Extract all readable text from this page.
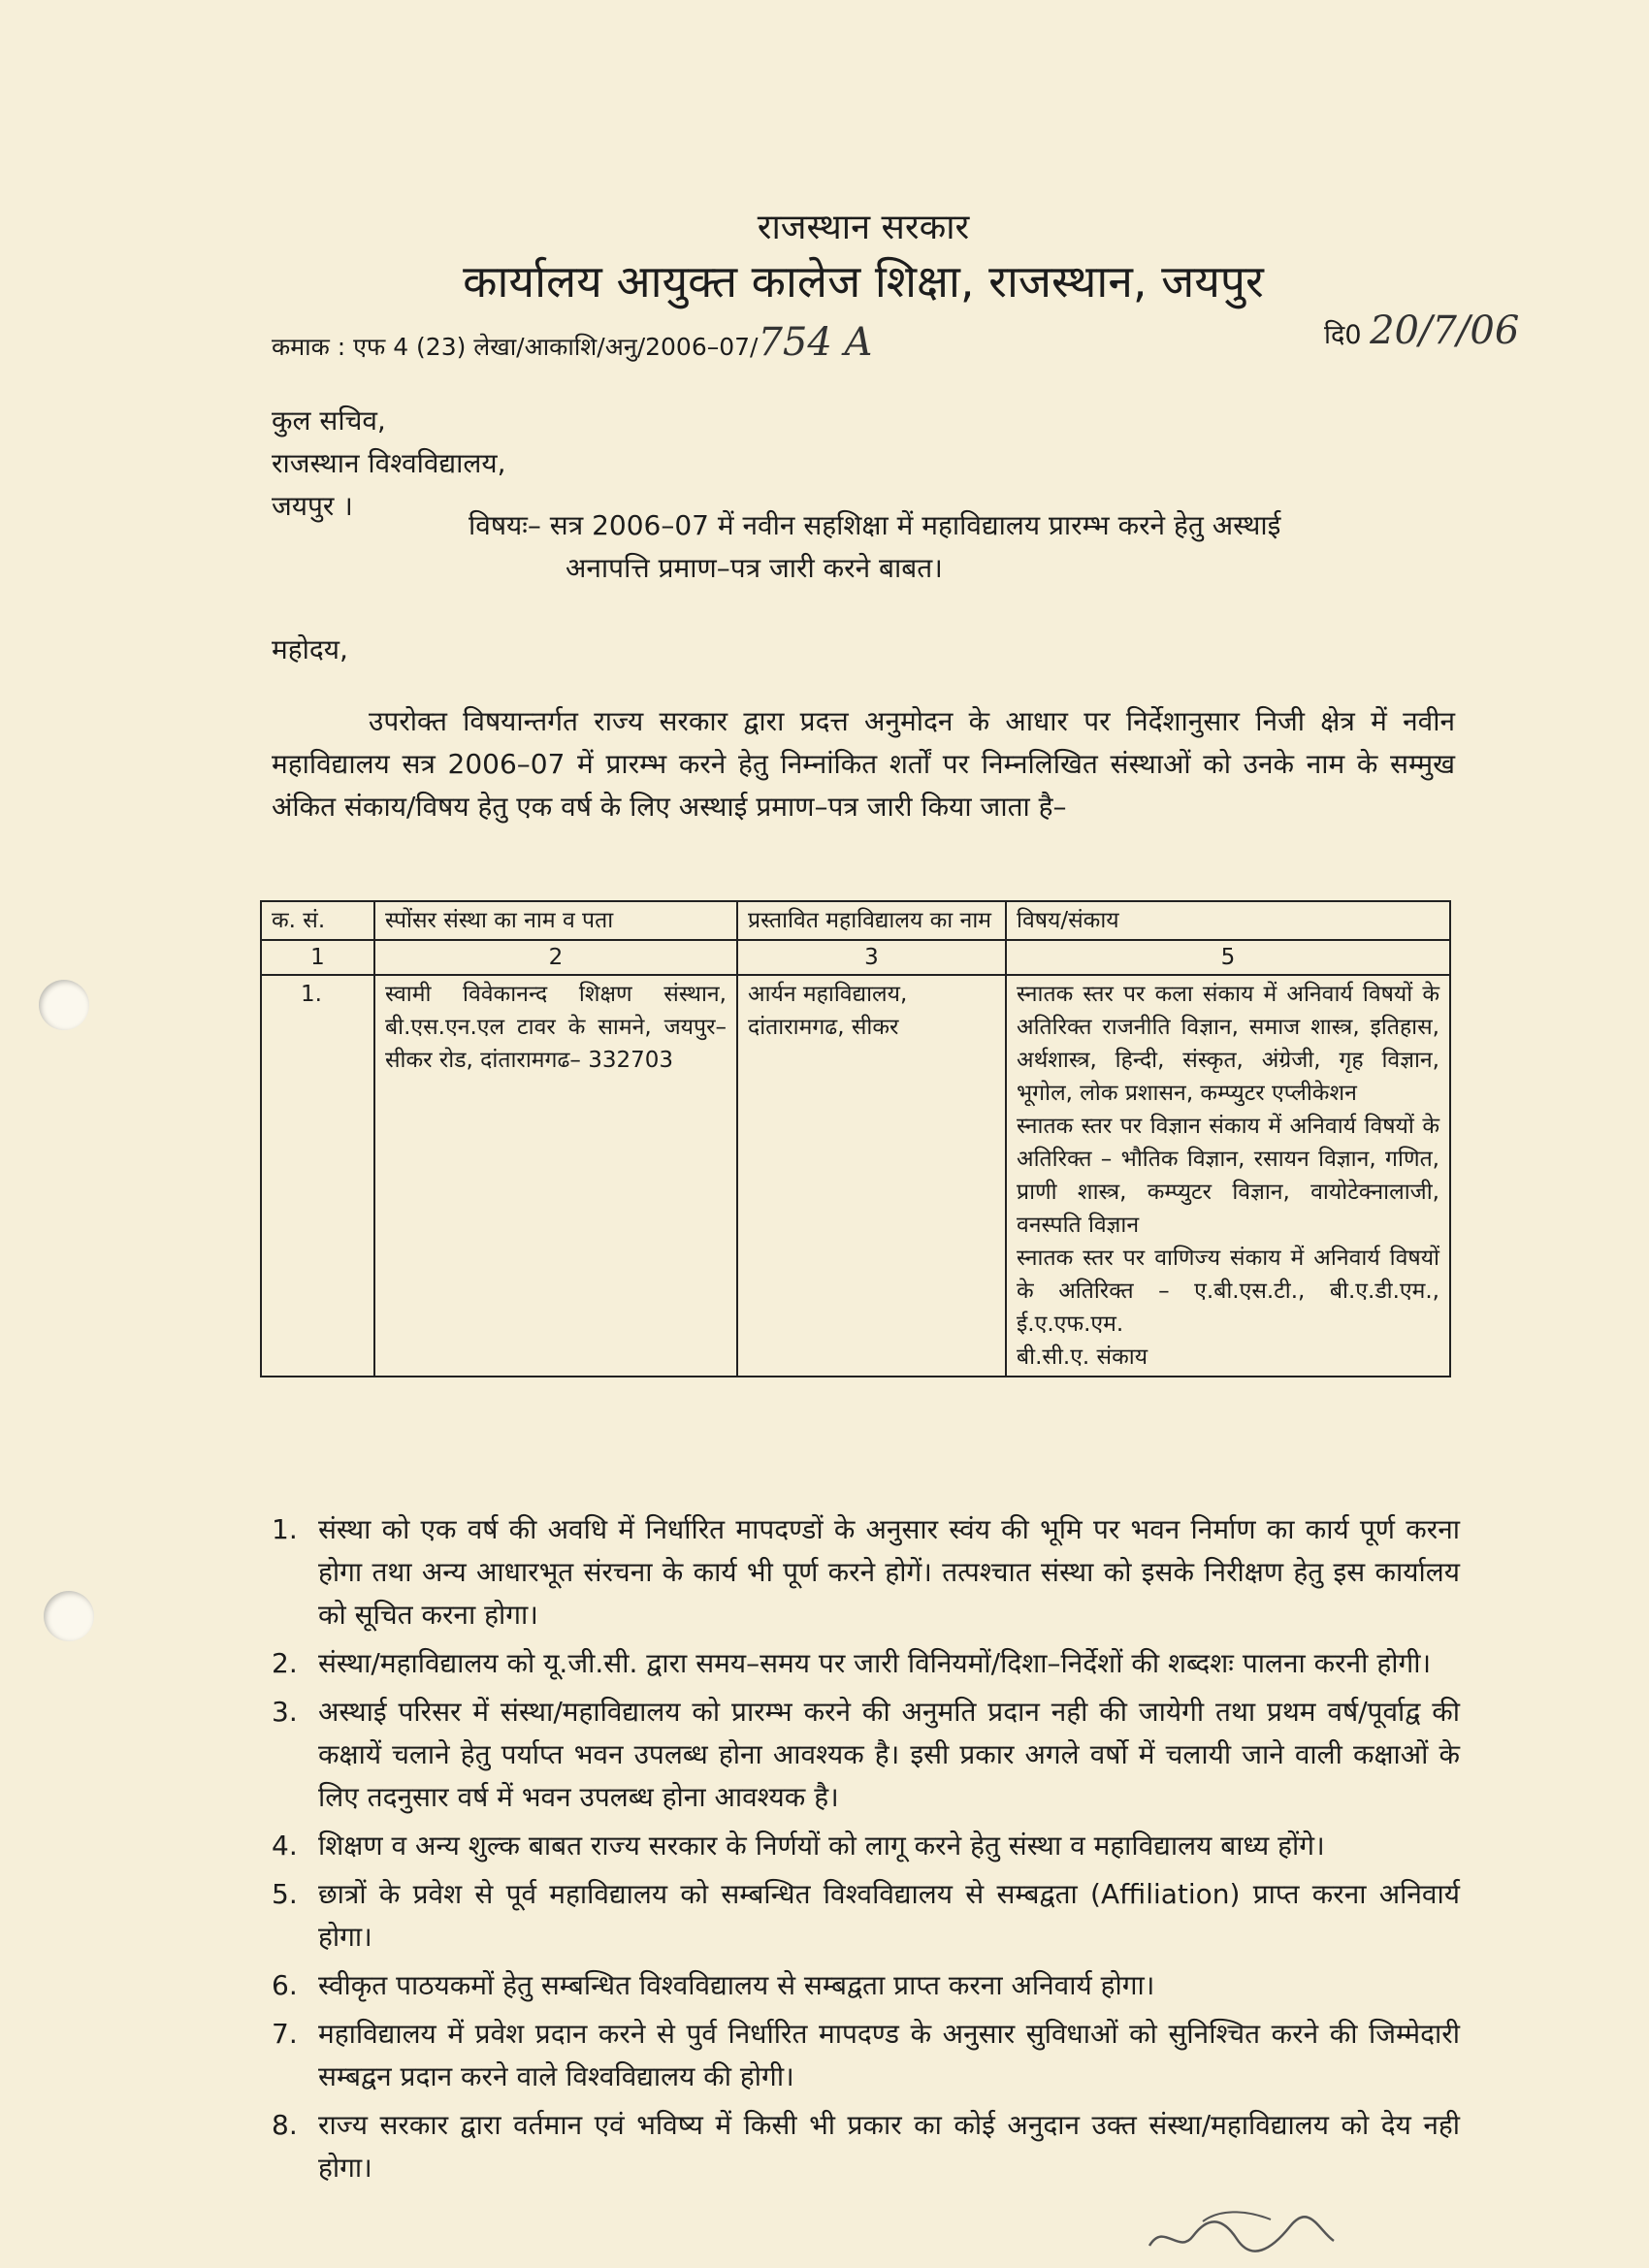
राजस्थान सरकार
कार्यालय आयुक्त कालेज शिक्षा, राजस्थान, जयपुर
कमाक : एफ 4 (23) लेखा/आकाशि/अनु/2006–07/754 A	दि0 20/7/06
कुल सचिव,
राजस्थान विश्वविद्यालय,
जयपुर ।
विषयः– सत्र 2006–07 में नवीन सहशिक्षा में महाविद्यालय प्रारम्भ करने हेतु अस्थाई
अनापत्ति प्रमाण–पत्र जारी करने बाबत।
महोदय,
उपरोक्त विषयान्तर्गत राज्य सरकार द्वारा प्रदत्त अनुमोदन के आधार पर निर्देशानुसार निजी क्षेत्र में नवीन महाविद्यालय सत्र 2006–07 में प्रारम्भ करने हेतु निम्नांकित शर्तों पर निम्नलिखित संस्थाओं को उनके नाम के सम्मुख अंकित संकाय/विषय हेतु एक वर्ष के लिए अस्थाई प्रमाण–पत्र जारी किया जाता है–
क. सं.	स्पोंसर संस्था का नाम व पता	प्रस्तावित महाविद्यालय का नाम	विषय/संकाय
1	2	3	5
1.	स्वामी विवेकानन्द शिक्षण संस्थान, बी.एस.एन.एल टावर के सामने, जयपुर–सीकर रोड, दांतारामगढ– 332703	आर्यन महाविद्यालय, दांतारामगढ, सीकर	स्नातक स्तर पर कला संकाय में अनिवार्य विषयों के अतिरिक्त राजनीति विज्ञान, समाज शास्त्र, इतिहास, अर्थशास्त्र, हिन्दी, संस्कृत, अंग्रेजी, गृह विज्ञान, भूगोल, लोक प्रशासन, कम्प्युटर एप्लीकेशन
स्नातक स्तर पर विज्ञान संकाय में अनिवार्य विषयों के अतिरिक्त – भौतिक विज्ञान, रसायन विज्ञान, गणित, प्राणी शास्त्र, कम्प्युटर विज्ञान, वायोटेक्नालाजी, वनस्पति विज्ञान
स्नातक स्तर पर वाणिज्य संकाय में अनिवार्य विषयों के अतिरिक्त – ए.बी.एस.टी., बी.ए.डी.एम., ई.ए.एफ.एम.
बी.सी.ए. संकाय
1. संस्था को एक वर्ष की अवधि में निर्धारित मापदण्डों के अनुसार स्वंय की भूमि पर भवन निर्माण का कार्य पूर्ण करना होगा तथा अन्य आधारभूत संरचना के कार्य भी पूर्ण करने होगें। तत्पश्चात संस्था को इसके निरीक्षण हेतु इस कार्यालय को सूचित करना होगा।
2. संस्था/महाविद्यालय को यू.जी.सी. द्वारा समय–समय पर जारी विनियमों/दिशा–निर्देशों की शब्दशः पालना करनी होगी।
3. अस्थाई परिसर में संस्था/महाविद्यालय को प्रारम्भ करने की अनुमति प्रदान नही की जायेगी तथा प्रथम वर्ष/पूर्वाद्व की कक्षायें चलाने हेतु पर्याप्त भवन उपलब्ध होना आवश्यक है। इसी प्रकार अगले वर्षो में चलायी जाने वाली कक्षाओं के लिए तदनुसार वर्ष में भवन उपलब्ध होना आवश्यक है।
4. शिक्षण व अन्य शुल्क बाबत राज्य सरकार के निर्णयों को लागू करने हेतु संस्था व महाविद्यालय बाध्य होंगे।
5. छात्रों के प्रवेश से पूर्व महाविद्यालय को सम्बन्धित विश्वविद्यालय से सम्बद्वता (Affiliation) प्राप्त करना अनिवार्य होगा।
6. स्वीकृत पाठयकमों हेतु सम्बन्धित विश्वविद्यालय से सम्बद्वता प्राप्त करना अनिवार्य होगा।
7. महाविद्यालय में प्रवेश प्रदान करने से पुर्व निर्धारित मापदण्ड के अनुसार सुविधाओं को सुनिश्चित करने की जिम्मेदारी सम्बद्वन प्रदान करने वाले विश्वविद्यालय की होगी।
8. राज्य सरकार द्वारा वर्तमान एवं भविष्य में किसी भी प्रकार का कोई अनुदान उक्त संस्था/महाविद्यालय को देय नही होगा।
